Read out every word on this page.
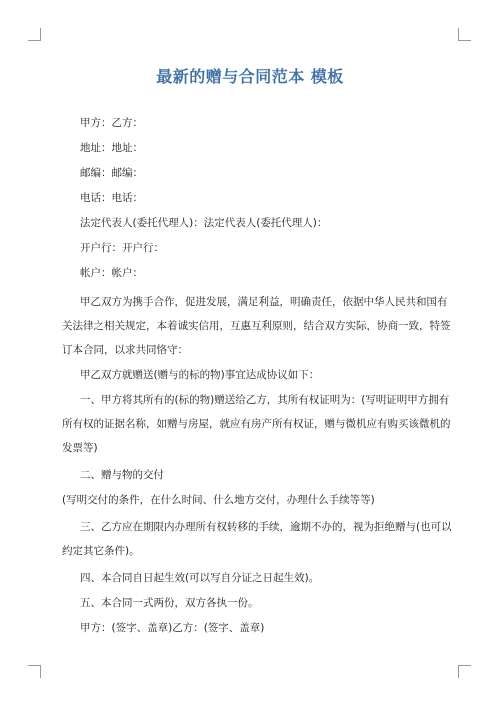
最新的赠与合同范本 模板

甲方：乙方：

地址：地址：

邮编：邮编：

电话：电话：

法定代表人(委托代理人)：法定代表人(委托代理人)：

开户行：开户行：

帐户：帐户：

甲乙双方为携手合作，促进发展，满足利益，明确责任，依据中华人民共和国有

关法律之相关规定，本着诚实信用，互惠互利原则，结合双方实际，协商一致，特签

订本合同，以求共同恪守：

甲乙双方就赠送(赠与的标的物)事宜达成协议如下：

一、甲方将其所有的(标的物)赠送给乙方，其所有权证明为：(写明证明甲方拥有

所有权的证据名称，如赠与房屋，就应有房产所有权证，赠与微机应有购买该微机的

发票等)

二、赠与物的交付

(写明交付的条件，在什么时间、什么地方交付，办理什么手续等等)

三、乙方应在期限内办理所有权转移的手续，逾期不办的，视为拒绝赠与(也可以

约定其它条件)。

四、本合同自日起生效(可以写自分证之日起生效)。

五、本合同一式两份，双方各执一份。

甲方：(签字、盖章)乙方：(签字、盖章)
